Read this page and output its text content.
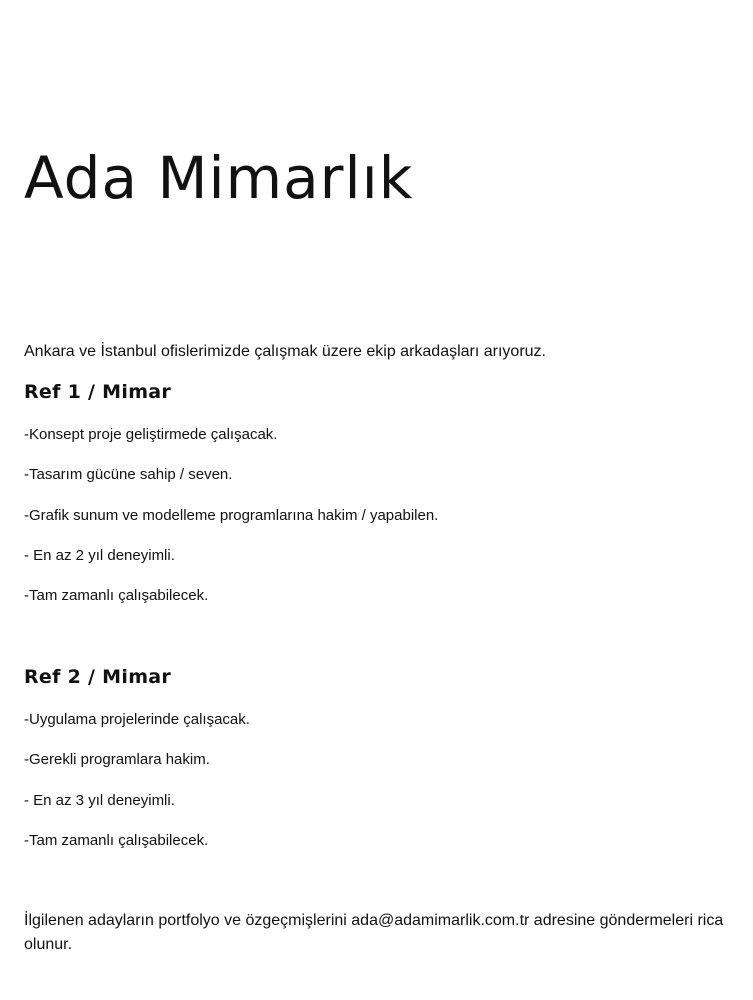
Ada Mimarlık

Ankara ve İstanbul ofislerimizde çalışmak üzere ekip arkadaşları arıyoruz.

Ref 1 / Mimar
-Konsept proje geliştirmede çalışacak.
-Tasarım gücüne sahip / seven.
-Grafik sunum ve modelleme programlarına hakim / yapabilen.
- En az 2 yıl deneyimli.
-Tam zamanlı çalışabilecek.
Ref 2 / Mimar
-Uygulama projelerinde çalışacak.
-Gerekli programlara hakim.
- En az 3 yıl deneyimli.
-Tam zamanlı çalışabilecek.

İlgilenen adayların portfolyo ve özgeçmişlerini ada@adamimarlik.com.tr adresine göndermeleri rica olunur.
